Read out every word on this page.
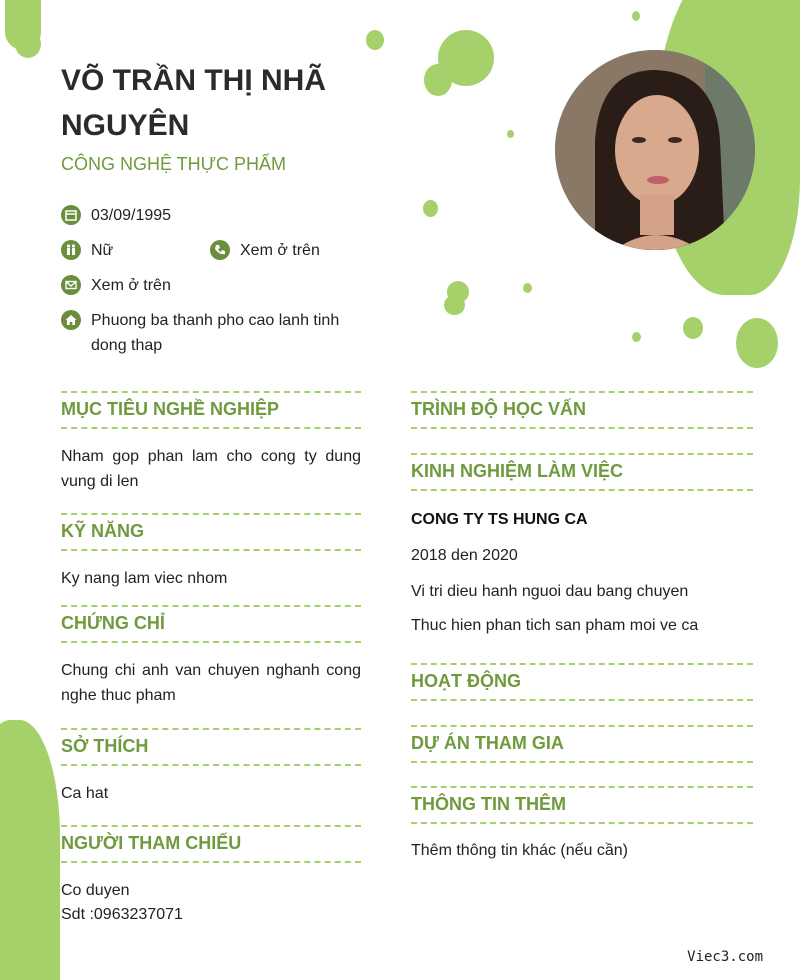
VÕ TRẦN THỊ NHÃ NGUYÊN
CÔNG NGHỆ THỰC PHẨM
03/09/1995
Nữ	Xem ở trên
Xem ở trên
Phuong ba thanh pho cao lanh tinh dong thap
MỤC TIÊU NGHỀ NGHIỆP
Nham gop phan lam cho cong ty dung vung di len
KỸ NĂNG
Ky nang lam viec nhom
CHỨNG CHỈ
Chung chi anh van chuyen nghanh cong nghe thuc pham
SỞ THÍCH
Ca hat
NGƯỜI THAM CHIẾU
Co duyen
Sdt :0963237071
TRÌNH ĐỘ HỌC VẤN
KINH NGHIỆM LÀM VIỆC
CONG TY TS HUNG CA
2018 den 2020
Vi tri dieu hanh nguoi dau bang chuyen
Thuc hien phan tich san pham moi ve ca
HOẠT ĐỘNG
DỰ ÁN THAM GIA
THÔNG TIN THÊM
Thêm thông tin khác (nếu cần)
Viec3.com
